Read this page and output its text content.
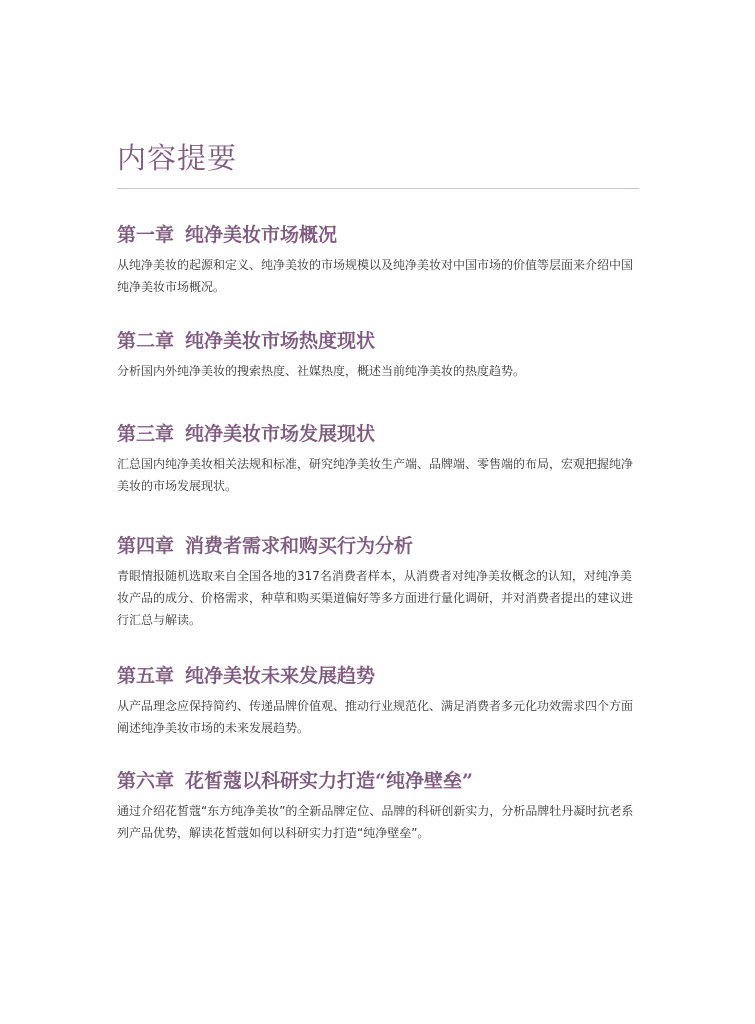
内容提要
第一章 纯净美妆市场概况

从纯净美妆的起源和定义、纯净美妆的市场规模以及纯净美妆对中国市场的价值等层面来介绍中国纯净美妆市场概况。

第二章 纯净美妆市场热度现状

分析国内外纯净美妆的搜索热度、社媒热度，概述当前纯净美妆的热度趋势。

第三章 纯净美妆市场发展现状

汇总国内纯净美妆相关法规和标准，研究纯净美妆生产端、品牌端、零售端的布局，宏观把握纯净美妆的市场发展现状。

第四章 消费者需求和购买行为分析

青眼情报随机选取来自全国各地的317名消费者样本，从消费者对纯净美妆概念的认知，对纯净美妆产品的成分、价格需求，种草和购买渠道偏好等多方面进行量化调研，并对消费者提出的建议进行汇总与解读。

第五章 纯净美妆未来发展趋势

从产品理念应保持简约、传递品牌价值观、推动行业规范化、满足消费者多元化功效需求四个方面阐述纯净美妆市场的未来发展趋势。

第六章 花皙蔻以科研实力打造“纯净壁垒”

通过介绍花皙蔻“东方纯净美妆”的全新品牌定位、品牌的科研创新实力，分析品牌牡丹凝时抗老系列产品优势，解读花皙蔻如何以科研实力打造“纯净壁垒”。
